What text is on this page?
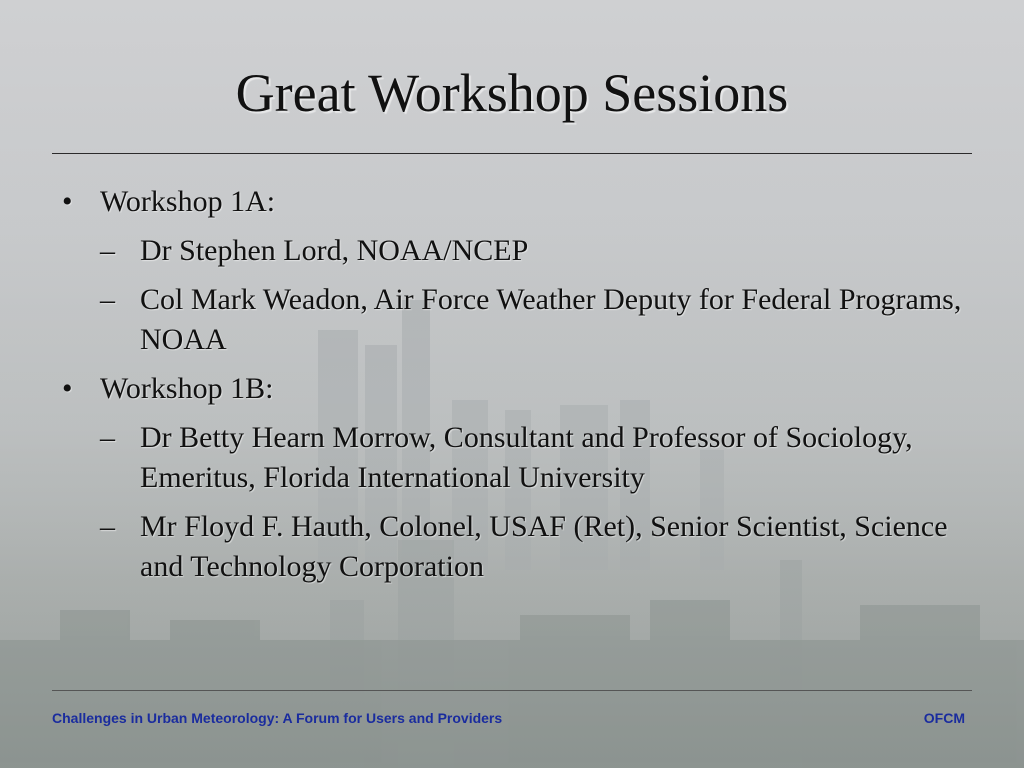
Great Workshop Sessions
• Workshop 1A:
– Dr Stephen Lord, NOAA/NCEP
– Col Mark Weadon, Air Force Weather Deputy for Federal Programs, NOAA
• Workshop 1B:
– Dr Betty Hearn Morrow, Consultant and Professor of Sociology, Emeritus, Florida International University
– Mr Floyd F. Hauth, Colonel, USAF (Ret), Senior Scientist, Science and Technology Corporation
Challenges in Urban Meteorology: A Forum for Users and Providers	OFCM
